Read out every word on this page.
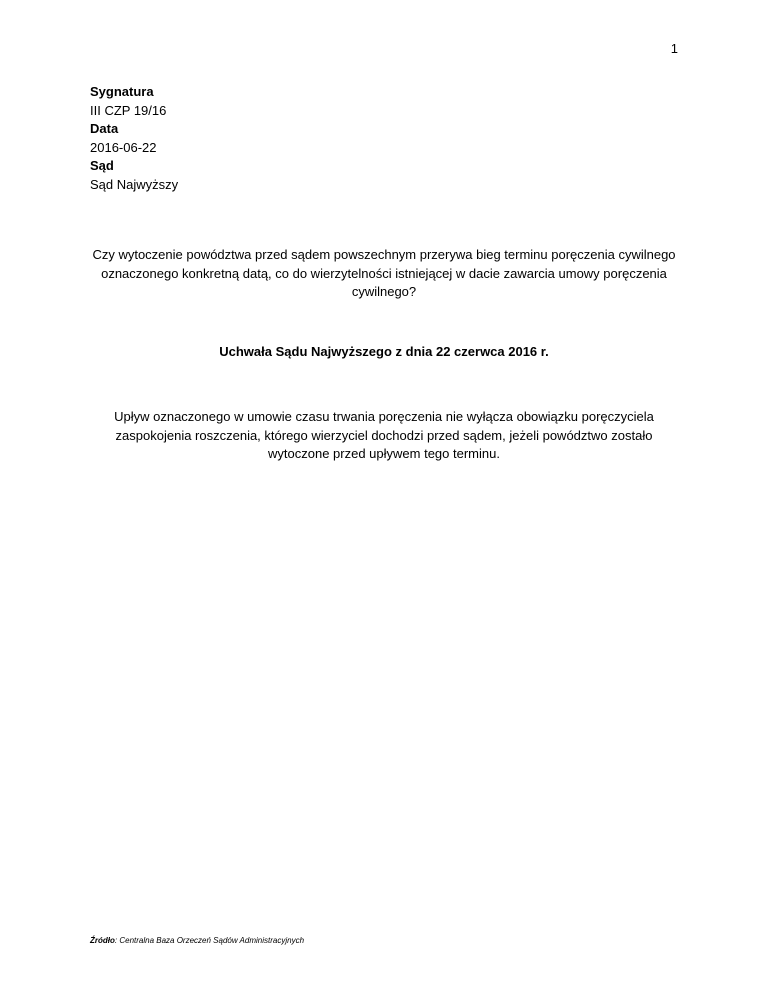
1
Sygnatura
III CZP 19/16
Data
2016-06-22
Sąd
Sąd Najwyższy
Czy wytoczenie powództwa przed sądem powszechnym przerywa bieg terminu poręczenia cywilnego oznaczonego konkretną datą, co do wierzytelności istniejącej w dacie zawarcia umowy poręczenia cywilnego?
Uchwała Sądu Najwyższego z dnia 22 czerwca 2016 r.
Upływ oznaczonego w umowie czasu trwania poręczenia nie wyłącza obowiązku poręczyciela zaspokojenia roszczenia, którego wierzyciel dochodzi przed sądem, jeżeli powództwo zostało wytoczone przed upływem tego terminu.
Źródło: Centralna Baza Orzeczeń Sądów Administracyjnych
